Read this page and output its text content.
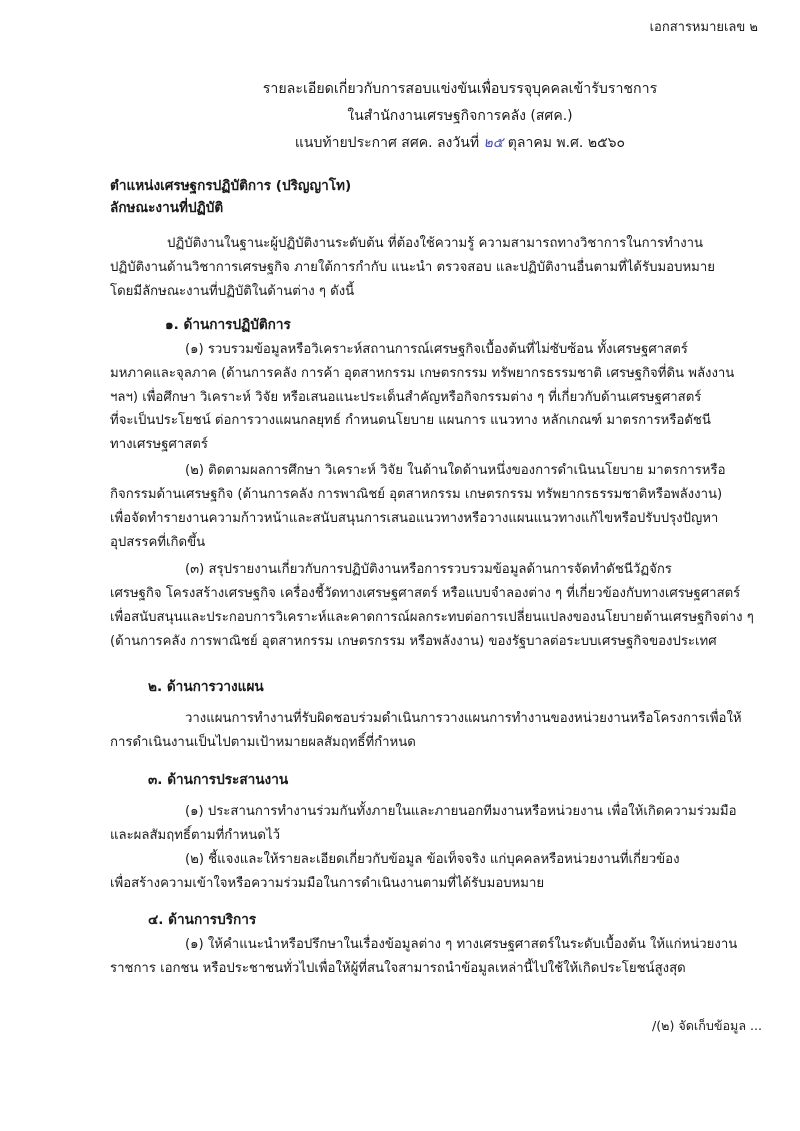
เอกสารหมายเลข ๒
รายละเอียดเกี่ยวกับการสอบแข่งขันเพื่อบรรจุบุคคลเข้ารับราชการ
ในสำนักงานเศรษฐกิจการคลัง (สศค.)
แนบท้ายประกาศ สศค. ลงวันที่ ๒๕ ตุลาคม พ.ศ. ๒๕๖๐
ตำแหน่งเศรษฐกรปฏิบัติการ (ปริญญาโท)
ลักษณะงานที่ปฏิบัติ
ปฏิบัติงานในฐานะผู้ปฏิบัติงานระดับต้น ที่ต้องใช้ความรู้ ความสามารถทางวิชาการในการทำงาน
ปฏิบัติงานด้านวิชาการเศรษฐกิจ ภายใต้การกำกับ แนะนำ ตรวจสอบ และปฏิบัติงานอื่นตามที่ได้รับมอบหมาย
โดยมีลักษณะงานที่ปฏิบัติในด้านต่าง ๆ ดังนี้
๑. ด้านการปฏิบัติการ
(๑) รวบรวมข้อมูลหรือวิเคราะห์สถานการณ์เศรษฐกิจเบื้องต้นที่ไม่ซับซ้อน ทั้งเศรษฐศาสตร์
มหภาคและจุลภาค (ด้านการคลัง การค้า อุตสาหกรรม เกษตรกรรม ทรัพยากรธรรมชาติ เศรษฐกิจที่ดิน พลังงาน
ฯลฯ) เพื่อศึกษา วิเคราะห์ วิจัย หรือเสนอแนะประเด็นสำคัญหรือกิจกรรมต่าง ๆ ที่เกี่ยวกับด้านเศรษฐศาสตร์
ที่จะเป็นประโยชน์ ต่อการวางแผนกลยุทธ์ กำหนดนโยบาย แผนการ แนวทาง หลักเกณฑ์ มาตรการหรือดัชนี
ทางเศรษฐศาสตร์
(๒) ติดตามผลการศึกษา วิเคราะห์ วิจัย ในด้านใดด้านหนึ่งของการดำเนินนโยบาย มาตรการหรือ
กิจกรรมด้านเศรษฐกิจ (ด้านการคลัง การพาณิชย์ อุตสาหกรรม เกษตรกรรม ทรัพยากรธรรมชาติหรือพลังงาน)
เพื่อจัดทำรายงานความก้าวหน้าและสนับสนุนการเสนอแนวทางหรือวางแผนแนวทางแก้ไขหรือปรับปรุงปัญหา
อุปสรรคที่เกิดขึ้น
(๓) สรุปรายงานเกี่ยวกับการปฏิบัติงานหรือการรวบรวมข้อมูลด้านการจัดทำดัชนีวัฏจักร
เศรษฐกิจ โครงสร้างเศรษฐกิจ เครื่องชี้วัดทางเศรษฐศาสตร์ หรือแบบจำลองต่าง ๆ ที่เกี่ยวข้องกับทางเศรษฐศาสตร์
เพื่อสนับสนุนและประกอบการวิเคราะห์และคาดการณ์ผลกระทบต่อการเปลี่ยนแปลงของนโยบายด้านเศรษฐกิจต่าง ๆ
(ด้านการคลัง การพาณิชย์ อุตสาหกรรม เกษตรกรรม หรือพลังงาน) ของรัฐบาลต่อระบบเศรษฐกิจของประเทศ
๒. ด้านการวางแผน
วางแผนการทำงานที่รับผิดชอบร่วมดำเนินการวางแผนการทำงานของหน่วยงานหรือโครงการเพื่อให้
การดำเนินงานเป็นไปตามเป้าหมายผลสัมฤทธิ์ที่กำหนด
๓. ด้านการประสานงาน
(๑) ประสานการทำงานร่วมกันทั้งภายในและภายนอกทีมงานหรือหน่วยงาน เพื่อให้เกิดความร่วมมือ
และผลสัมฤทธิ์ตามที่กำหนดไว้
(๒) ชี้แจงและให้รายละเอียดเกี่ยวกับข้อมูล ข้อเท็จจริง แก่บุคคลหรือหน่วยงานที่เกี่ยวข้อง
เพื่อสร้างความเข้าใจหรือความร่วมมือในการดำเนินงานตามที่ได้รับมอบหมาย
๔. ด้านการบริการ
(๑) ให้คำแนะนำหรือปรึกษาในเรื่องข้อมูลต่าง ๆ ทางเศรษฐศาสตร์ในระดับเบื้องต้น ให้แก่หน่วยงาน
ราชการ เอกชน หรือประชาชนทั่วไปเพื่อให้ผู้ที่สนใจสามารถนำข้อมูลเหล่านี้ไปใช้ให้เกิดประโยชน์สูงสุด
/(๒) จัดเก็บข้อมูล ...
